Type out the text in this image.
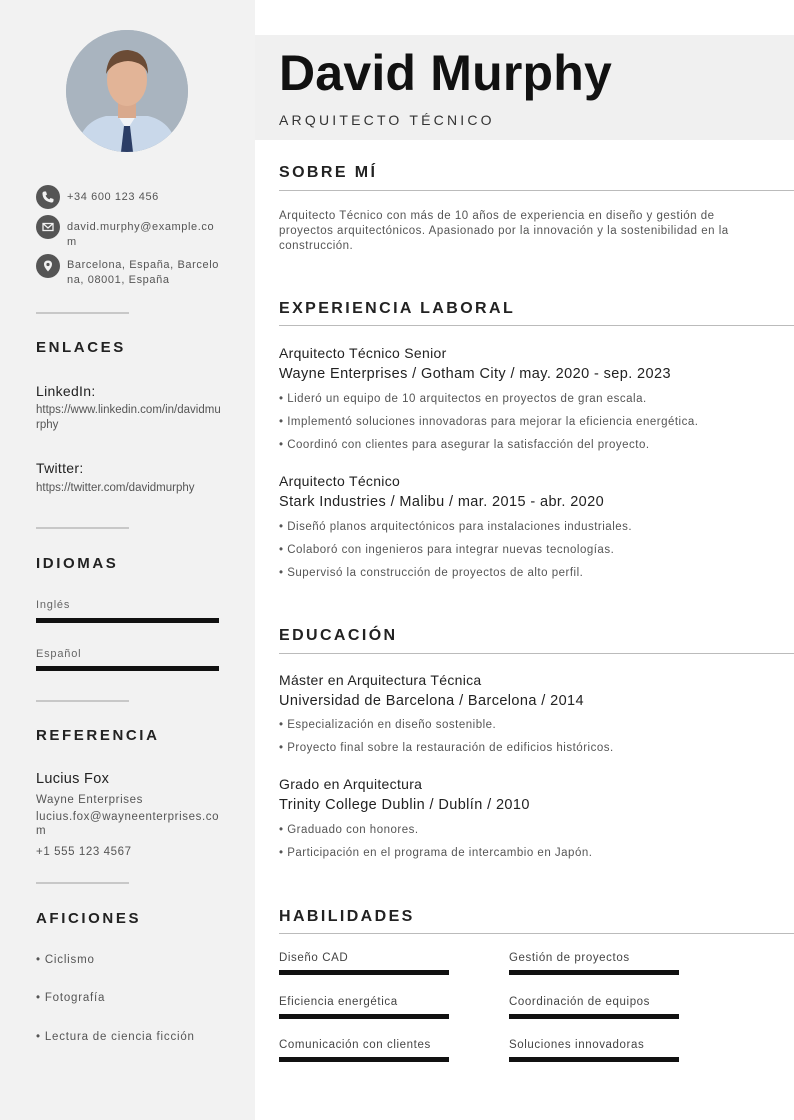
+34 600 123 456
david.murphy@example.com
Barcelona, España, Barcelona, 08001, España
ENLACES
LinkedIn:
https://www.linkedin.com/in/davidmurphy
Twitter:
https://twitter.com/davidmurphy
IDIOMAS
Inglés
Español
REFERENCIA
Lucius Fox
Wayne Enterprises
lucius.fox@wayneenterprises.com
+1 555 123 4567
AFICIONES
• Ciclismo
• Fotografía
• Lectura de ciencia ficción
David Murphy
ARQUITECTO TÉCNICO
SOBRE MÍ
Arquitecto Técnico con más de 10 años de experiencia en diseño y gestión de proyectos arquitectónicos. Apasionado por la innovación y la sostenibilidad en la construcción.
EXPERIENCIA LABORAL
Arquitecto Técnico Senior
Wayne Enterprises / Gotham City / may. 2020 - sep. 2023
• Lideró un equipo de 10 arquitectos en proyectos de gran escala.
• Implementó soluciones innovadoras para mejorar la eficiencia energética.
• Coordinó con clientes para asegurar la satisfacción del proyecto.
Arquitecto Técnico
Stark Industries / Malibu / mar. 2015 - abr. 2020
• Diseñó planos arquitectónicos para instalaciones industriales.
• Colaboró con ingenieros para integrar nuevas tecnologías.
• Supervisó la construcción de proyectos de alto perfil.
EDUCACIÓN
Máster en Arquitectura Técnica
Universidad de Barcelona / Barcelona / 2014
• Especialización en diseño sostenible.
• Proyecto final sobre la restauración de edificios históricos.
Grado en Arquitectura
Trinity College Dublin / Dublín / 2010
• Graduado con honores.
• Participación en el programa de intercambio en Japón.
HABILIDADES
Diseño CAD	Gestión de proyectos
Eficiencia energética	Coordinación de equipos
Comunicación con clientes	Soluciones innovadoras
